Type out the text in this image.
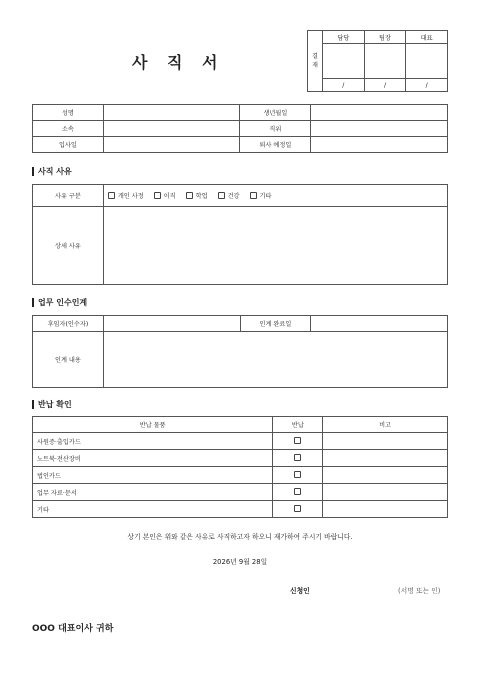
사 직 서	결
재	담당	팀장	대표

	/	/	/
성명		생년월일	
소속		직위	
입사일		퇴사 예정일	
사직 사유
사유 구분	개인 사정
이직
학업
건강
기타

상세 사유	
업무 인수인계
후임자(인수자)		인계 완료일	
인계 내용			
반납 확인
반납 물품	반납	비고
사원증·출입카드		
노트북·전산장비		
법인카드		
업무 자료·문서		
기타		
상기 본인은 위와 같은 사유로 사직하고자 하오니 재가하여 주시기 바랍니다.
2026년 9월 28일
신청인	(서명 또는 인)
OOO 대표이사 귀하
